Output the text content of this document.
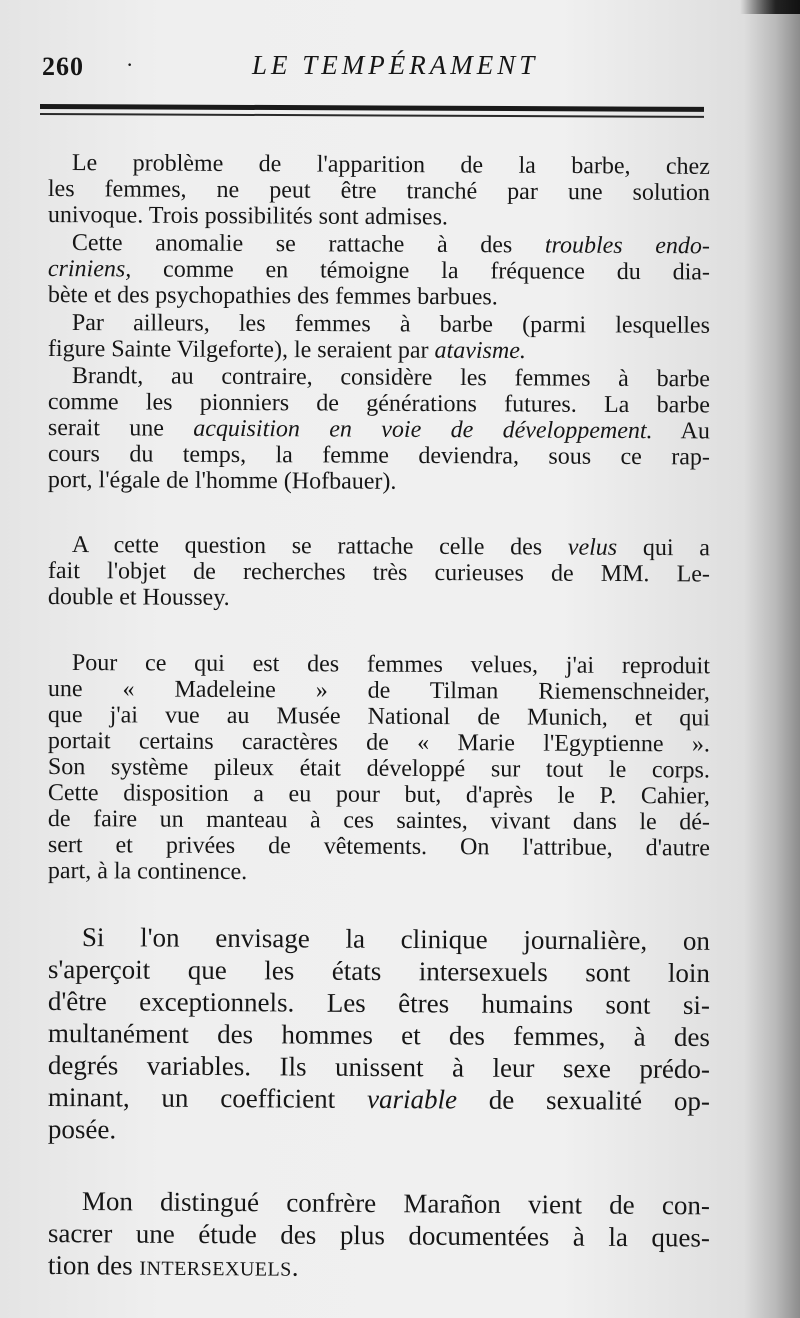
260 ·	LE TEMPÉRAMENT
Le problème de l'apparition de la barbe, chez
les femmes, ne peut être tranché par une solution
univoque. Trois possibilités sont admises.
Cette anomalie se rattache à des troubles endo-
criniens, comme en témoigne la fréquence du dia-
bète et des psychopathies des femmes barbues.
Par ailleurs, les femmes à barbe (parmi lesquelles
figure Sainte Vilgeforte), le seraient par atavisme.
Brandt, au contraire, considère les femmes à barbe
comme les pionniers de générations futures. La barbe
serait une acquisition en voie de développement. Au
cours du temps, la femme deviendra, sous ce rap-
port, l'égale de l'homme (Hofbauer).
A cette question se rattache celle des velus qui a
fait l'objet de recherches très curieuses de MM. Le-
double et Houssey.
Pour ce qui est des femmes velues, j'ai reproduit
une « Madeleine » de Tilman Riemenschneider,
que j'ai vue au Musée National de Munich, et qui
portait certains caractères de « Marie l'Egyptienne ».
Son système pileux était développé sur tout le corps.
Cette disposition a eu pour but, d'après le P. Cahier,
de faire un manteau à ces saintes, vivant dans le dé-
sert et privées de vêtements. On l'attribue, d'autre
part, à la continence.
Si l'on envisage la clinique journalière, on
s'aperçoit que les états intersexuels sont loin
d'être exceptionnels. Les êtres humains sont si-
multanément des hommes et des femmes, à des
degrés variables. Ils unissent à leur sexe prédo-
minant, un coefficient variable de sexualité op-
posée.
Mon distingué confrère Marañon vient de con-
sacrer une étude des plus documentées à la ques-
tion des INTERSEXUELS.
